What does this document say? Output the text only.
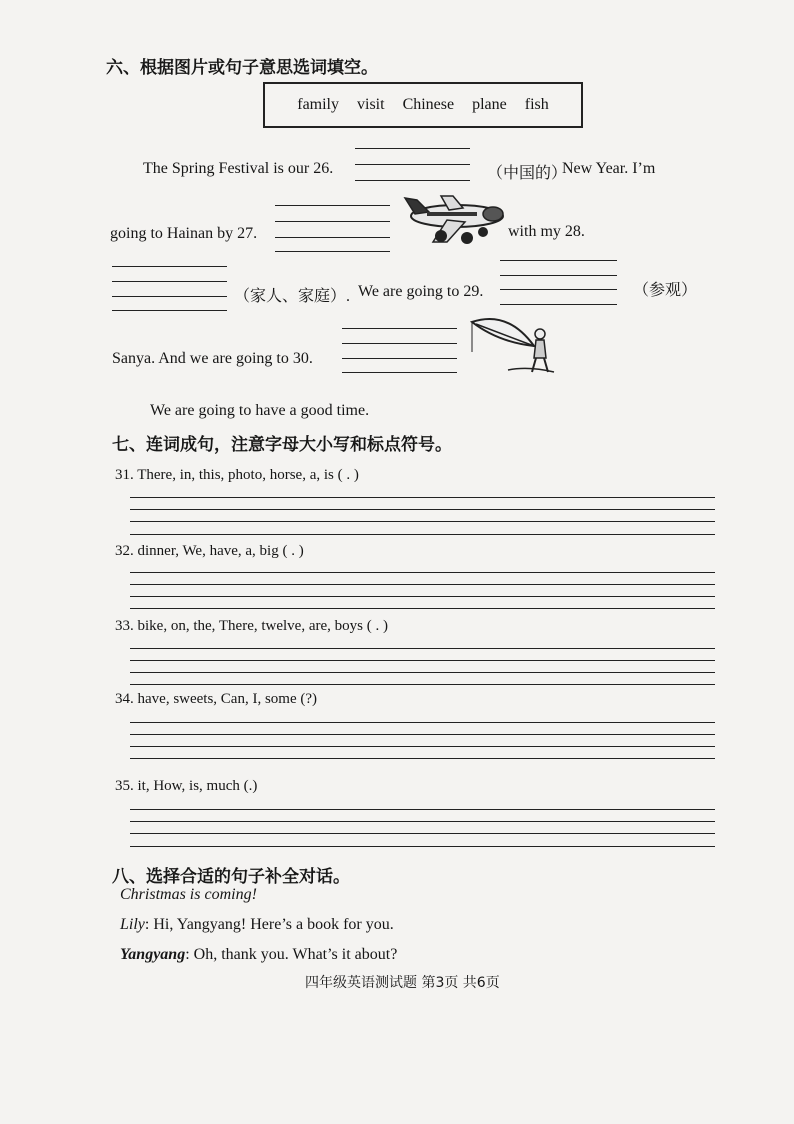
六、根据图片或句子意思选词填空。
family visit Chinese plane fish
The Spring Festival is our 26.	（中国的）
New Year. I’m
going to Hainan by 27.	with my 28.
（家人、家庭）. We are going to 29.	（参观）
Sanya. And we are going to 30.
We are going to have a good time.
七、连词成句，注意字母大小写和标点符号。
31. There, in, this, photo, horse, a, is ( . )
32. dinner, We, have, a, big ( . )
33. bike, on, the, There, twelve, are, boys ( . )
34. have, sweets, Can, I, some (?)
35. it, How, is, much (.)
八、选择合适的句子补全对话。
Christmas is coming!
Lily: Hi, Yangyang! Here’s a book for you.
Yangyang: Oh, thank you. What’s it about?
四年级英语测试题 第3页 共6页
